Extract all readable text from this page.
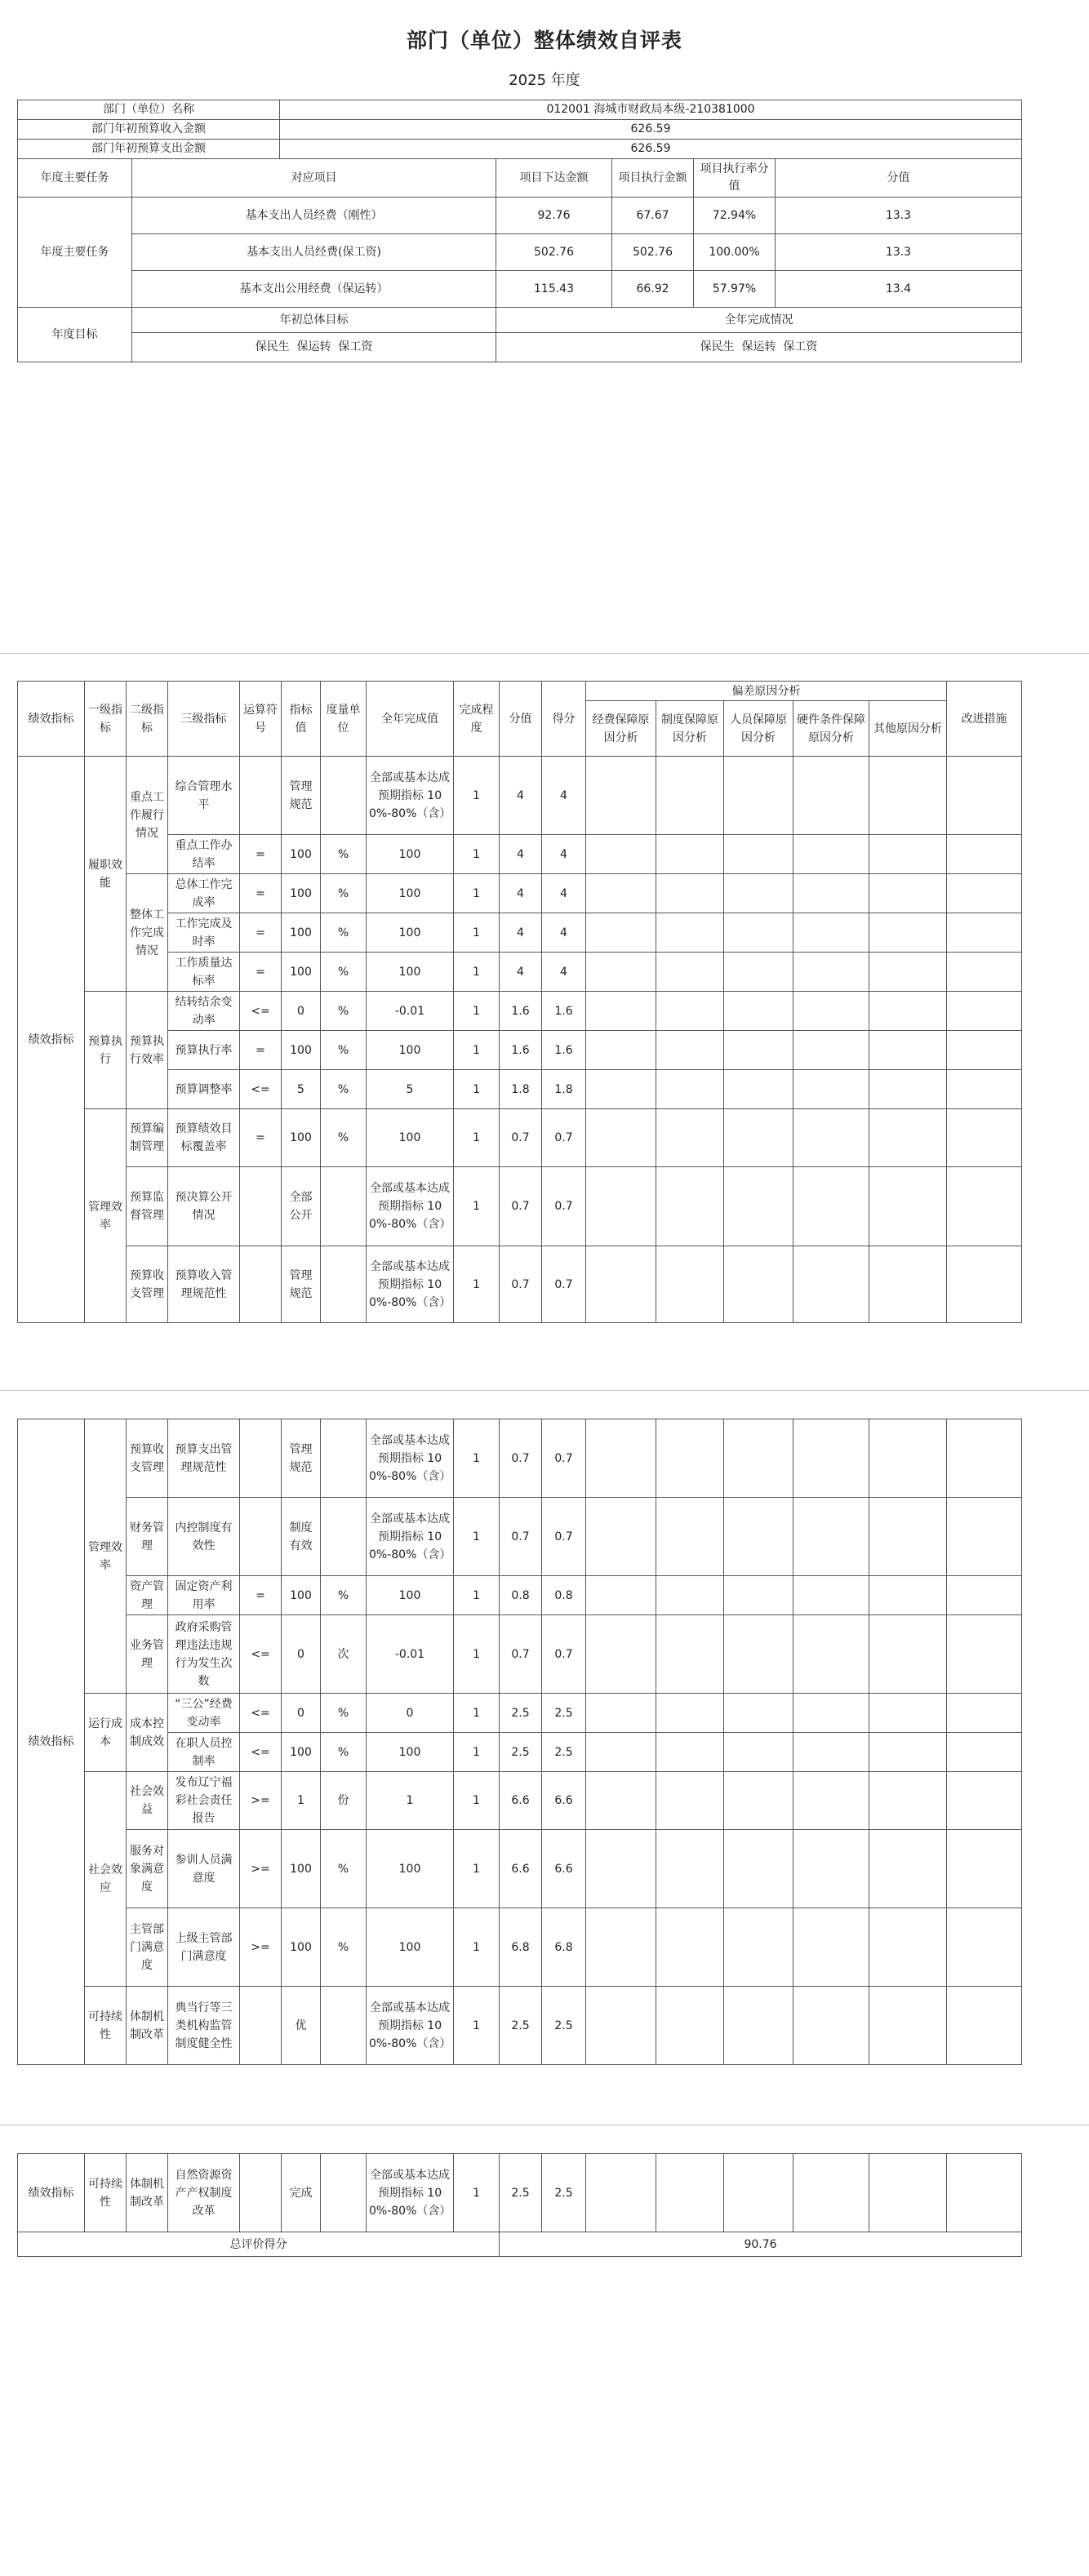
部门（单位）整体绩效自评表
2025 年度
部门（单位）名称		012001 海城市财政局本级-210381000				
部门年初预算收入金额		626.59				
部门年初预算支出金额		626.59				
年度主要任务	对应项目		项目下达金额	项目执行金额	项目执行率分值	分值
年度主要任务	基本支出人员经费（刚性）		92.76	67.67	72.94%	13.3
	基本支出人员经费(保工资)		502.76	502.76	100.00%	13.3
	基本支出公用经费（保运转）		115.43	66.92	57.97%	13.4
年度目标	年初总体目标		全年完成情况			
	保民生  保运转  保工资		保民生  保运转  保工资			
绩效指标	一级指标	二级指标	三级指标	运算符号	指标值	度量单位	全年完成值	完成程度	分值	得分	偏差原因分析					改进措施
											经费保障原因分析	制度保障原因分析	人员保障原因分析	硬件条件保障原因分析	其他原因分析	
绩效指标	履职效能	重点工作履行情况	综合管理水平		管理规范		全部或基本达成预期指标 100%-80%（含）	1	4	4						
			重点工作办结率	=	100	%	100	1	4	4						
		整体工作完成情况	总体工作完成率	=	100	%	100	1	4	4						
			工作完成及时率	=	100	%	100	1	4	4						
			工作质量达标率	=	100	%	100	1	4	4						
	预算执行	预算执行效率	结转结余变动率	<=	0	%	-0.01	1	1.6	1.6						
			预算执行率	=	100	%	100	1	1.6	1.6						
			预算调整率	<=	5	%	5	1	1.8	1.8						
	管理效率	预算编制管理	预算绩效目标覆盖率	=	100	%	100	1	0.7	0.7						
		预算监督管理	预决算公开情况		全部公开		全部或基本达成预期指标 100%-80%（含）	1	0.7	0.7						
		预算收支管理	预算收入管理规范性		管理规范		全部或基本达成预期指标 100%-80%（含）	1	0.7	0.7						
绩效指标	管理效率	预算收支管理	预算支出管理规范性		管理规范		全部或基本达成预期指标 100%-80%（含）	1	0.7	0.7						
		财务管理	内控制度有效性		制度有效		全部或基本达成预期指标 100%-80%（含）	1	0.7	0.7						
		资产管理	固定资产利用率	=	100	%	100	1	0.8	0.8						
		业务管理	政府采购管理违法违规行为发生次数	<=	0	次	-0.01	1	0.7	0.7						
	运行成本	成本控制成效	“三公”经费变动率	<=	0	%	0	1	2.5	2.5						
			在职人员控制率	<=	100	%	100	1	2.5	2.5						
	社会效应	社会效益	发布辽宁福彩社会责任报告	>=	1	份	1	1	6.6	6.6						
		服务对象满意度	参训人员满意度	>=	100	%	100	1	6.6	6.6						
		主管部门满意度	上级主管部门满意度	>=	100	%	100	1	6.8	6.8						
	可持续性	体制机制改革	典当行等三类机构监管制度健全性		优		全部或基本达成预期指标 100%-80%（含）	1	2.5	2.5						
绩效指标	可持续性	体制机制改革	自然资源资产产权制度改革		完成		全部或基本达成预期指标 100%-80%（含）	1	2.5	2.5						
总评价得分									90.76							
